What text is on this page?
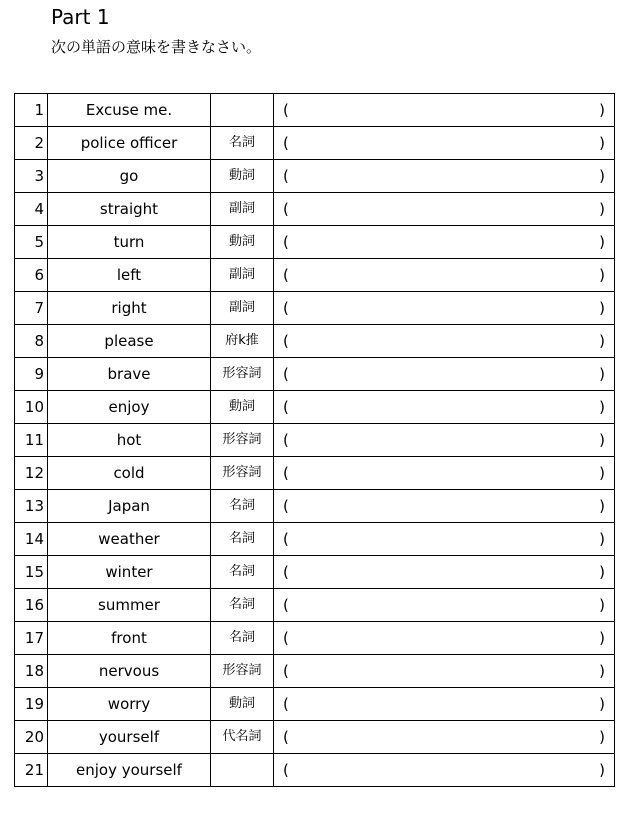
Part 1

次の単語の意味を書きなさい。

1	Excuse me.		( )

2	police officer	名詞	( )

3	go	動詞	( )

4	straight	副詞	( )

5	turn	動詞	( )

6	left	副詞	( )

7	right	副詞	( )

8	please	府k推	( )

9	brave	形容詞	( )

10	enjoy	動詞	( )

11	hot	形容詞	( )

12	cold	形容詞	( )

13	Japan	名詞	( )

14	weather	名詞	( )

15	winter	名詞	( )

16	summer	名詞	( )

17	front	名詞	( )

18	nervous	形容詞	( )

19	worry	動詞	( )

20	yourself	代名詞	( )

21	enjoy yourself		( )
